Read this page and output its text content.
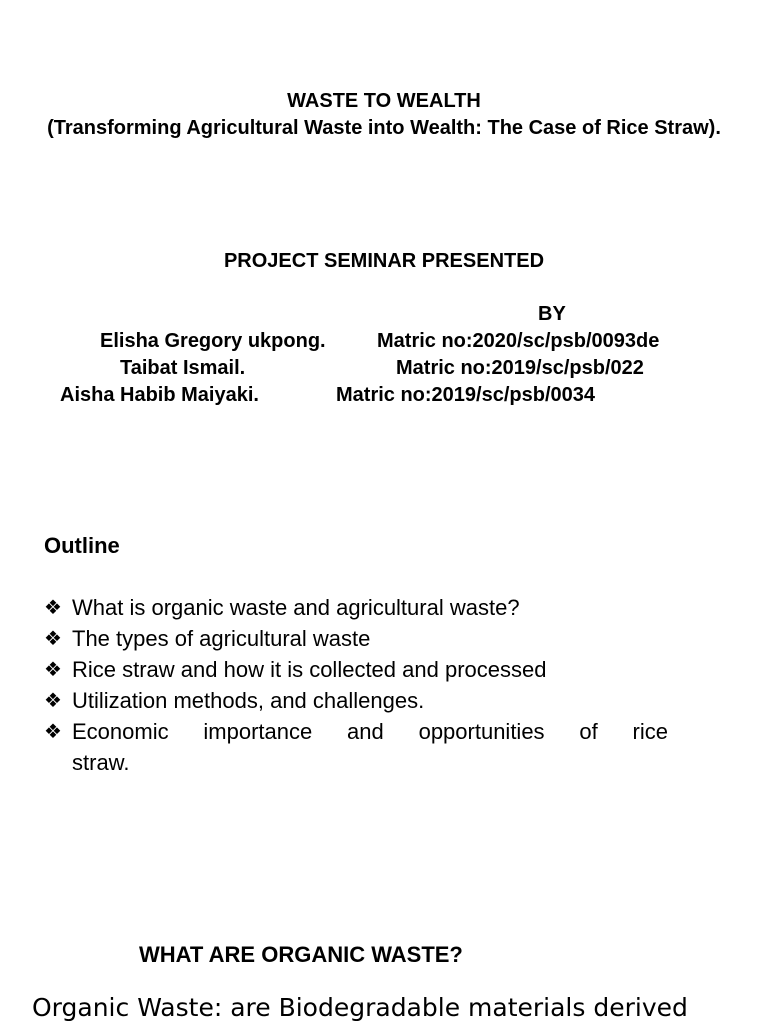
WASTE TO WEALTH
(Transforming Agricultural Waste into Wealth: The Case of Rice Straw).
PROJECT SEMINAR PRESENTED
BY
Elisha Gregory ukpong.	Matric no:2020/sc/psb/0093de
Taibat Ismail.	Matric no:2019/sc/psb/022
Aisha Habib Maiyaki.	Matric no:2019/sc/psb/0034
Outline
❖ What is organic waste and agricultural waste?
❖ The types of agricultural waste
❖ Rice straw and how it is collected and processed
❖ Utilization methods, and challenges.
❖ Economic importance and opportunities of rice
straw.
WHAT ARE ORGANIC WASTE?
Organic Waste: are Biodegradable materials derived
